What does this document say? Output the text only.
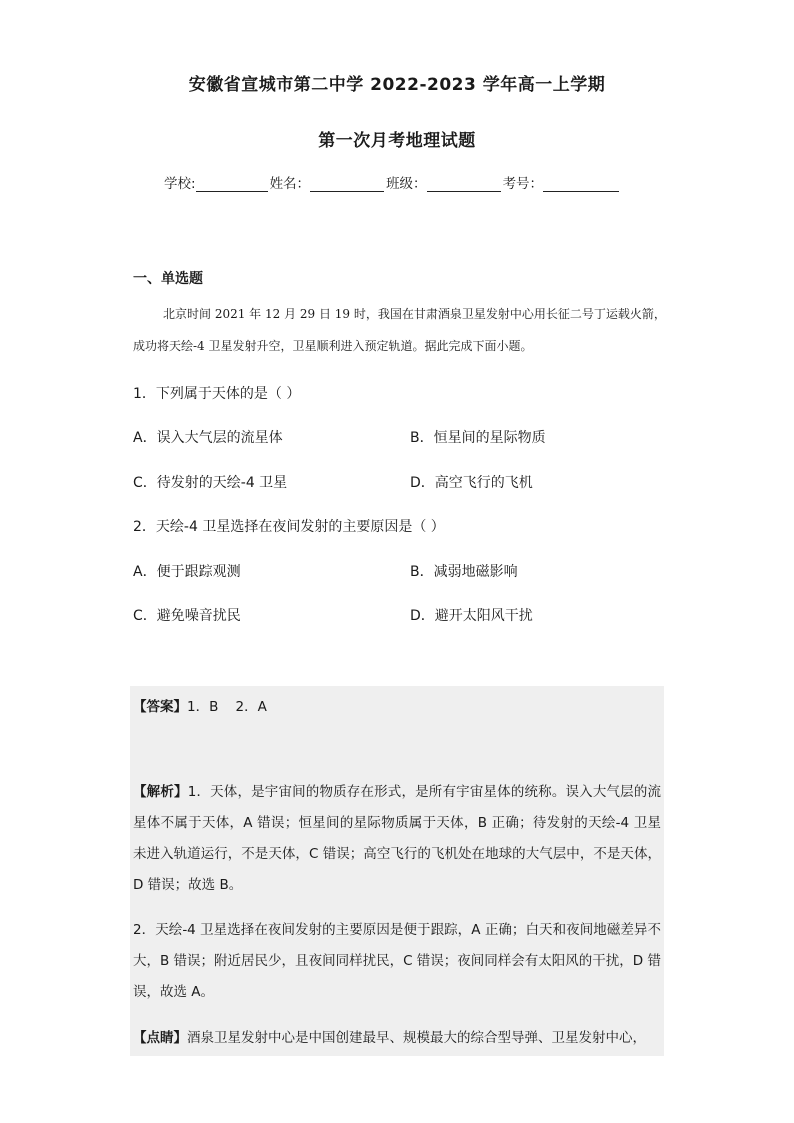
安徽省宣城市第二中学 2022-2023 学年高一上学期
第一次月考地理试题
学校:	姓名：	班级：	考号：
一、单选题
北京时间 2021 年 12 月 29 日 19 时，我国在甘肃酒泉卫星发射中心用长征二号丁运载火箭，成功将天绘-4 卫星发射升空，卫星顺利进入预定轨道。据此完成下面小题。
1．下列属于天体的是（ ）
A．误入大气层的流星体	B．恒星间的星际物质
C．待发射的天绘-4 卫星	D．高空飞行的飞机
2．天绘-4 卫星选择在夜间发射的主要原因是（ ）
A．便于跟踪观测	B．减弱地磁影响
C．避免噪音扰民	D．避开太阳风干扰
【答案】1．B    2．A
【解析】1．天体，是宇宙间的物质存在形式，是所有宇宙星体的统称。误入大气层的流星体不属于天体，A 错误；恒星间的星际物质属于天体，B 正确；待发射的天绘-4 卫星未进入轨道运行，不是天体，C 错误；高空飞行的飞机处在地球的大气层中，不是天体，D 错误；故选 B。
2．天绘-4 卫星选择在夜间发射的主要原因是便于跟踪，A 正确；白天和夜间地磁差异不大，B 错误；附近居民少，且夜间同样扰民，C 错误；夜间同样会有太阳风的干扰，D 错误，故选 A。
【点睛】酒泉卫星发射中心是中国创建最早、规模最大的综合型导弹、卫星发射中心，
